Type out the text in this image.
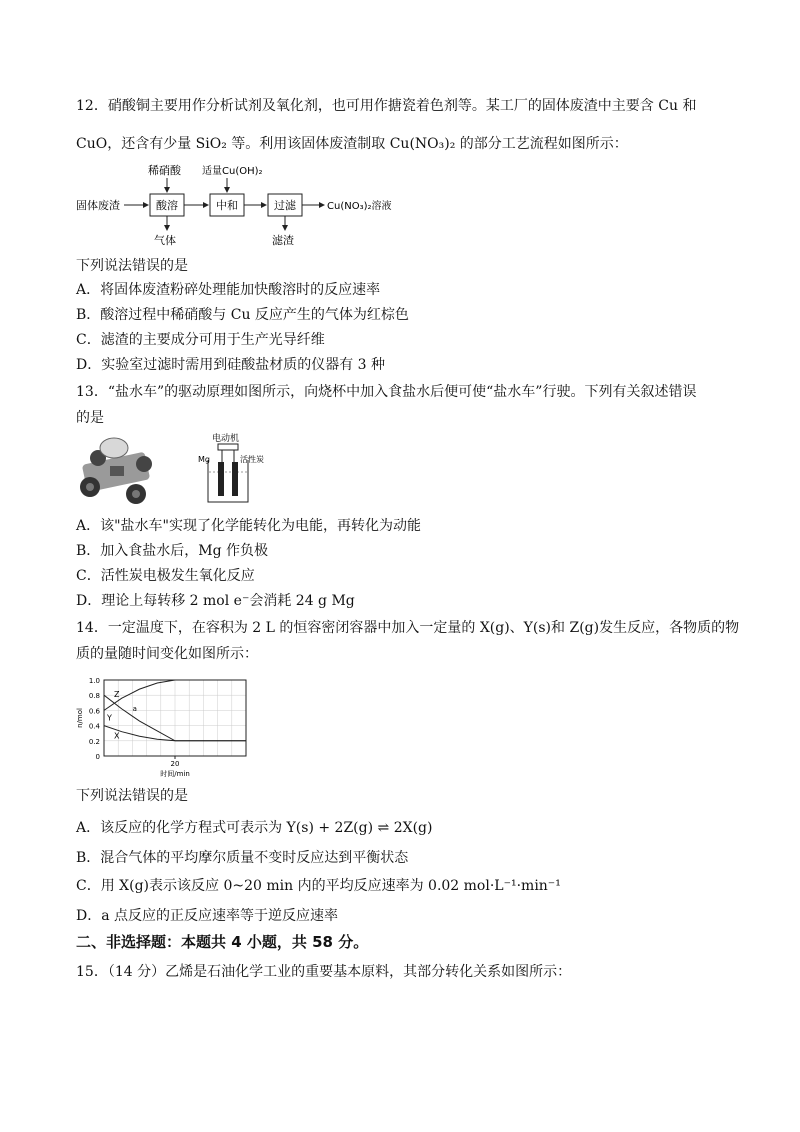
12．硝酸铜主要用作分析试剂及氧化剂，也可用作搪瓷着色剂等。某工厂的固体废渣中主要含 Cu 和
CuO，还含有少量 SiO₂ 等。利用该固体废渣制取 Cu(NO₃)₂ 的部分工艺流程如图所示：
固体废渣	酸溶
稀硝酸
气体
中和
适量Cu(OH)₂
过滤
滤渣
Cu(NO₃)₂溶液
下列说法错误的是
A．将固体废渣粉碎处理能加快酸溶时的反应速率
B．酸溶过程中稀硝酸与 Cu 反应产生的气体为红棕色
C．滤渣的主要成分可用于生产光导纤维
D．实验室过滤时需用到硅酸盐材质的仪器有 3 种
13．“盐水车”的驱动原理如图所示，向烧杯中加入食盐水后便可使“盐水车”行驶。下列有关叙述错误
的是
电动机
Mg	活性炭
A．该"盐水车"实现了化学能转化为电能，再转化为动能
B．加入食盐水后，Mg 作负极
C．活性炭电极发生氧化反应
D．理论上每转移 2 mol e⁻会消耗 24 g Mg
14．一定温度下，在容积为 2 L 的恒容密闭容器中加入一定量的 X(g)、Y(s)和 Z(g)发生反应，各物质的物
质的量随时间变化如图所示：
0
0.2
0.4
0.6
0.8
1.0
20
n/mol
时间/min
Z
Y
X
a
下列说法错误的是
A．该反应的化学方程式可表示为 Y(s) + 2Z(g) ⇌ 2X(g)
B．混合气体的平均摩尔质量不变时反应达到平衡状态
C．用 X(g)表示该反应 0~20 min 内的平均反应速率为 0.02 mol·L⁻¹·min⁻¹
D．a 点反应的正反应速率等于逆反应速率
二、非选择题：本题共 4 小题，共 58 分。
15．（14 分）乙烯是石油化学工业的重要基本原料，其部分转化关系如图所示：
